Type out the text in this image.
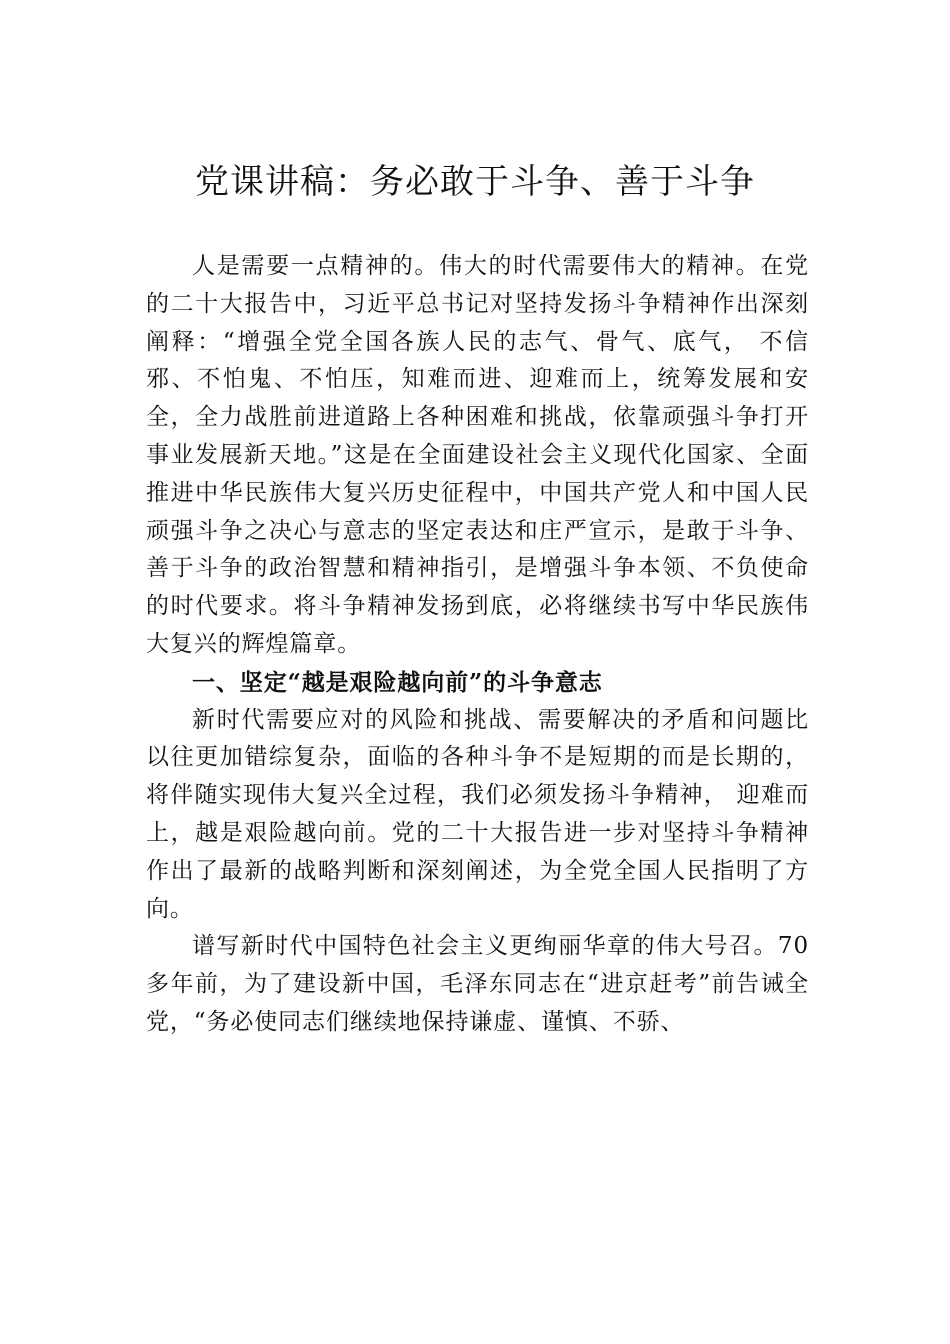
党课讲稿：务必敢于斗争、善于斗争

人是需要一点精神的。伟大的时代需要伟大的精神。在党的二十大报告中，习近平总书记对坚持发扬斗争精神作出深刻阐释：“增强全党全国各族人民的志气、骨气、底气， 不信邪、不怕鬼、不怕压，知难而进、迎难而上，统筹发展和安全，全力战胜前进道路上各种困难和挑战，依靠顽强斗争打开事业发展新天地。”这是在全面建设社会主义现代化国家、全面推进中华民族伟大复兴历史征程中，中国共产党人和中国人民顽强斗争之决心与意志的坚定表达和庄严宣示，是敢于斗争、善于斗争的政治智慧和精神指引，是增强斗争本领、不负使命的时代要求。将斗争精神发扬到底，必将继续书写中华民族伟大复兴的辉煌篇章。

一、坚定“越是艰险越向前”的斗争意志

新时代需要应对的风险和挑战、需要解决的矛盾和问题比以往更加错综复杂，面临的各种斗争不是短期的而是长期的，将伴随实现伟大复兴全过程，我们必须发扬斗争精神， 迎难而上，越是艰险越向前。党的二十大报告进一步对坚持斗争精神作出了最新的战略判断和深刻阐述，为全党全国人民指明了方向。

谱写新时代中国特色社会主义更绚丽华章的伟大号召。70 多年前，为了建设新中国，毛泽东同志在“进京赶考”前告诫全党，“务必使同志们继续地保持谦虚、谨慎、不骄、
